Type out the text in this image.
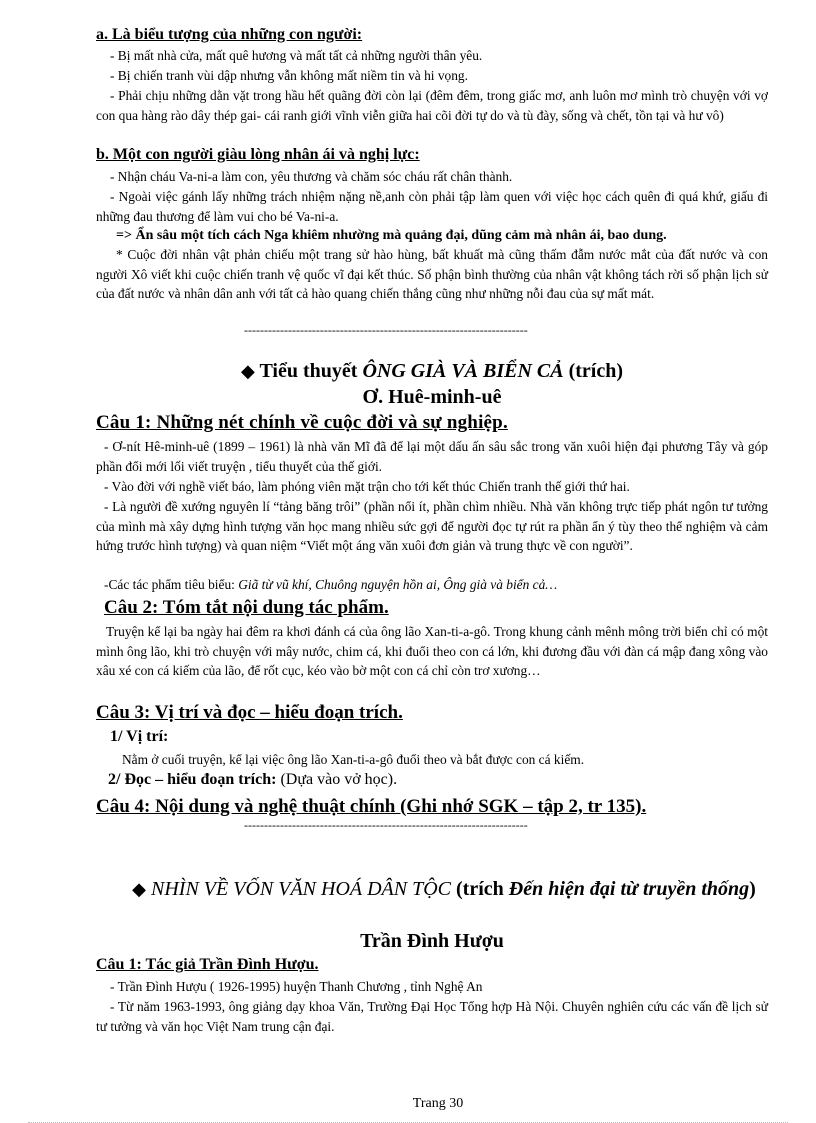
a. Là biểu tượng của những con người:
- Bị mất nhà cửa, mất quê hương và mất tất cả những người thân yêu.
- Bị chiến tranh vùi dập nhưng vẫn không mất niềm tin và hi vọng.
- Phải chịu những dằn vặt trong hầu hết quãng đời còn lại (đêm đêm, trong giấc mơ, anh luôn mơ mình trò chuyện với vợ con qua hàng rào dây thép gai- cái ranh giới vĩnh viễn giữa hai cõi đời tự do và tù đày, sống và chết, tồn tại và hư vô)
b. Một con người giàu lòng nhân ái và nghị lực:
- Nhận cháu Va-ni-a làm con, yêu thương và chăm sóc cháu rất chân thành.
- Ngoài việc gánh lấy những trách nhiệm nặng nề,anh còn phải tập làm quen với việc học cách quên đi quá khứ, giấu đi những đau thương để làm vui cho bé Va-ni-a.
=> Ẩn sâu một tích cách Nga khiêm nhường mà quảng đại, dũng cảm mà nhân ái, bao dung.
* Cuộc đời nhân vật phản chiếu một trang sử hào hùng, bất khuất mà cũng thấm đẫm nước mắt của đất nước và con người Xô viết khi cuộc chiến tranh vệ quốc vĩ đại kết thúc. Số phận bình thường của nhân vật không tách rời số phận lịch sử của đất nước và nhân dân anh với tất cả hào quang chiến thắng cũng như những nỗi đau của sự mất mát.
-----------------------------------------------------------------------
◆ Tiểu thuyết ÔNG GIÀ VÀ BIỂN CẢ (trích)
Ơ. Huê-minh-uê
Câu 1: Những nét chính về cuộc đời và sự nghiệp.
- Ơ-nít Hê-minh-uê (1899 – 1961) là nhà văn Mĩ đã để lại một dấu ấn sâu sắc trong văn xuôi hiện đại phương Tây và góp phần đổi mới lối viết truyện , tiểu thuyết của thế giới.
- Vào đời với nghề viết báo, làm phóng viên mặt trận cho tới kết thúc Chiến tranh thế giới thứ hai.
- Là người đề xướng nguyên lí “tảng băng trôi” (phần nổi ít, phần chìm nhiều. Nhà văn không trực tiếp phát ngôn tư tưởng của mình mà xây dựng hình tượng văn học mang nhiều sức gợi để người đọc tự rút ra phần ẩn ý tùy theo thể nghiệm và cảm hứng trước hình tượng) và quan niệm “Viết một áng văn xuôi đơn giản và trung thực về con người”.
-Các tác phẩm tiêu biểu: Giã từ vũ khí, Chuông nguyện hồn ai, Ông già và biển cả…
Câu 2: Tóm tắt nội dung tác phẩm.
Truyện kể lại ba ngày hai đêm ra khơi đánh cá của ông lão Xan-ti-a-gô. Trong khung cảnh mênh mông trời biển chỉ có một mình ông lão, khi trò chuyện với mây nước, chim cá, khi đuổi theo con cá lớn, khi đương đầu với đàn cá mập đang xông vào xâu xé con cá kiếm của lão, để rốt cục, kéo vào bờ một con cá chỉ còn trơ xương…
Câu 3: Vị trí và đọc – hiểu đoạn trích.
1/ Vị trí:
Nằm ở cuối truyện, kể lại việc ông lão Xan-ti-a-gô đuổi theo và bắt được con cá kiếm.
2/ Đọc – hiểu đoạn trích: (Dựa vào vở học).
Câu 4: Nội dung và nghệ thuật chính (Ghi nhớ SGK – tập 2, tr 135).
-----------------------------------------------------------------------
◆ NHÌN VỀ VỐN VĂN HOÁ DÂN TỘC (trích Đến hiện đại từ truyền thống)
Trần Đình Hượu
Câu 1: Tác giả Trần Đình Hượu.
- Trần Đình Hượu ( 1926-1995) huyện Thanh Chương , tỉnh Nghệ An
- Từ năm 1963-1993, ông giảng dạy khoa Văn, Trường Đại Học Tổng hợp Hà Nội. Chuyên nghiên cứu các vấn đề lịch sử tư tưởng và văn học Việt Nam trung cận đại.
Trang 30
